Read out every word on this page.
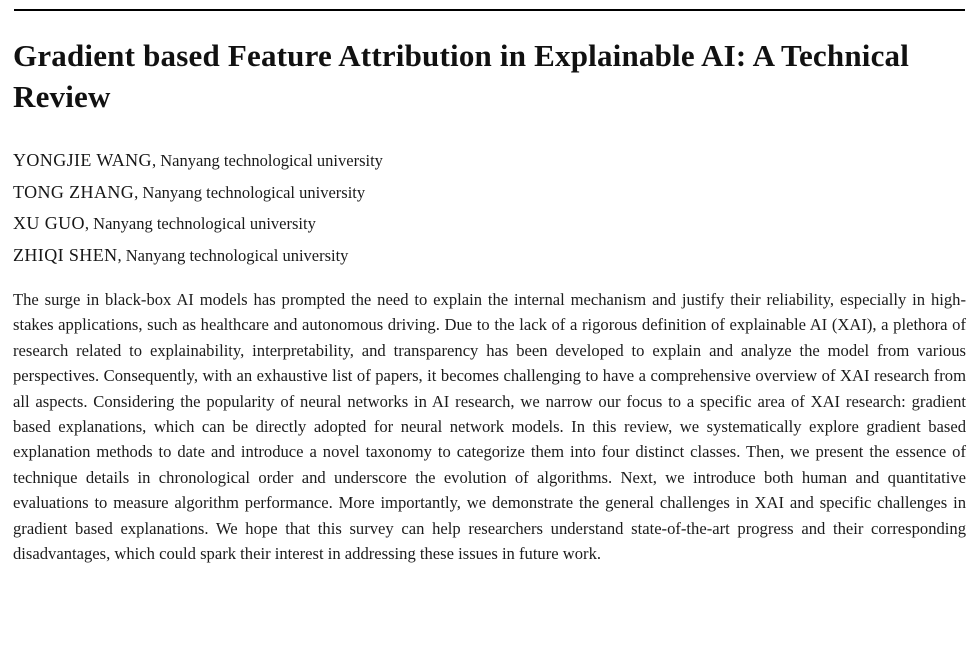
Gradient based Feature Attribution in Explainable AI: A Technical Review
YONGJIE WANG, Nanyang technological university
TONG ZHANG, Nanyang technological university
XU GUO, Nanyang technological university
ZHIQI SHEN, Nanyang technological university

The surge in black-box AI models has prompted the need to explain the internal mechanism and justify their reliability, especially in high-stakes applications, such as healthcare and autonomous driving. Due to the lack of a rigorous definition of explainable AI (XAI), a plethora of research related to explainability, interpretability, and transparency has been developed to explain and analyze the model from various perspectives. Consequently, with an exhaustive list of papers, it becomes challenging to have a comprehensive overview of XAI research from all aspects. Considering the popularity of neural networks in AI research, we narrow our focus to a specific area of XAI research: gradient based explanations, which can be directly adopted for neural network models. In this review, we systematically explore gradient based explanation methods to date and introduce a novel taxonomy to categorize them into four distinct classes. Then, we present the essence of technique details in chronological order and underscore the evolution of algorithms. Next, we introduce both human and quantitative evaluations to measure algorithm performance. More importantly, we demonstrate the general challenges in XAI and specific challenges in gradient based explanations. We hope that this survey can help researchers understand state-of-the-art progress and their corresponding disadvantages, which could spark their interest in addressing these issues in future work.
